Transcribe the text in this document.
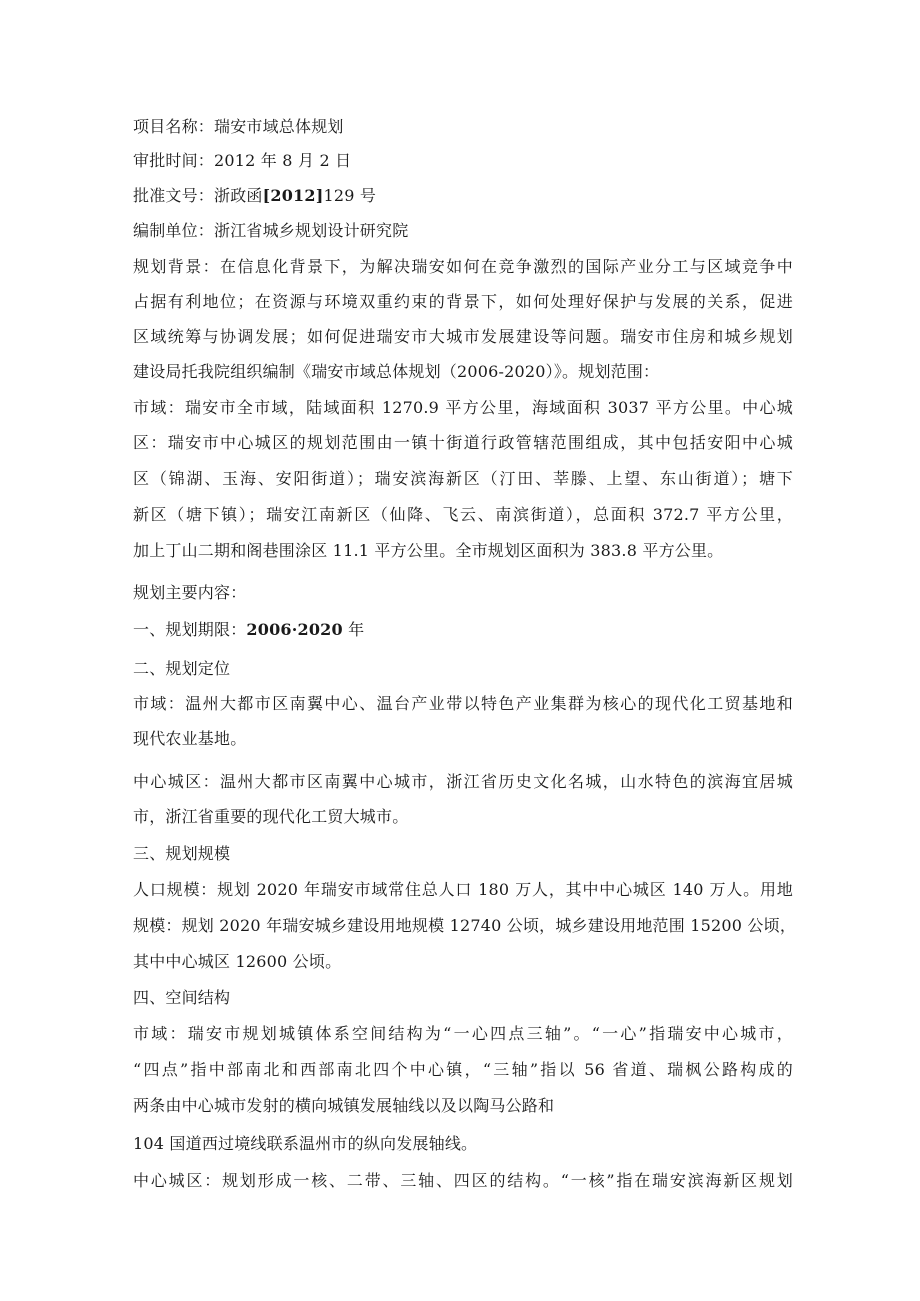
项目名称：瑞安市域总体规划
审批时间：2012 年 8 月 2 日
批准文号：浙政函[2012]129 号
编制单位：浙江省城乡规划设计研究院
规划背景：在信息化背景下，为解决瑞安如何在竞争激烈的国际产业分工与区域竞争中
占据有利地位；在资源与环境双重约束的背景下，如何处理好保护与发展的关系，促进
区域统筹与协调发展；如何促进瑞安市大城市发展建设等问题。瑞安市住房和城乡规划
建设局托我院组织编制《瑞安市域总体规划（2006-2020）》。规划范围：
市域：瑞安市全市域，陆域面积 1270.9 平方公里，海域面积 3037 平方公里。中心城
区：瑞安市中心城区的规划范围由一镇十街道行政管辖范围组成，其中包括安阳中心城
区（锦湖、玉海、安阳街道）；瑞安滨海新区（汀田、莘滕、上望、东山街道）；塘下
新区（塘下镇）；瑞安江南新区（仙降、飞云、南滨街道），总面积 372.7 平方公里，
加上丁山二期和阁巷围涂区 11.1 平方公里。全市规划区面积为 383.8 平方公里。
规划主要内容：
一、规划期限：2006·2020 年
二、规划定位
市域：温州大都市区南翼中心、温台产业带以特色产业集群为核心的现代化工贸基地和
现代农业基地。
中心城区：温州大都市区南翼中心城市，浙江省历史文化名城，山水特色的滨海宜居城
市，浙江省重要的现代化工贸大城市。
三、规划规模
人口规模：规划 2020 年瑞安市域常住总人口 180 万人，其中中心城区 140 万人。用地
规模：规划 2020 年瑞安城乡建设用地规模 12740 公顷，城乡建设用地范围 15200 公顷，
其中中心城区 12600 公顷。
四、空间结构
市域：瑞安市规划城镇体系空间结构为“一心四点三轴”。“一心”指瑞安中心城市，
“四点”指中部南北和西部南北四个中心镇，“三轴”指以 56 省道、瑞枫公路构成的
两条由中心城市发射的横向城镇发展轴线以及以陶马公路和
104 国道西过境线联系温州市的纵向发展轴线。
中心城区：规划形成一核、二带、三轴、四区的结构。“一核”指在瑞安滨海新区规划
